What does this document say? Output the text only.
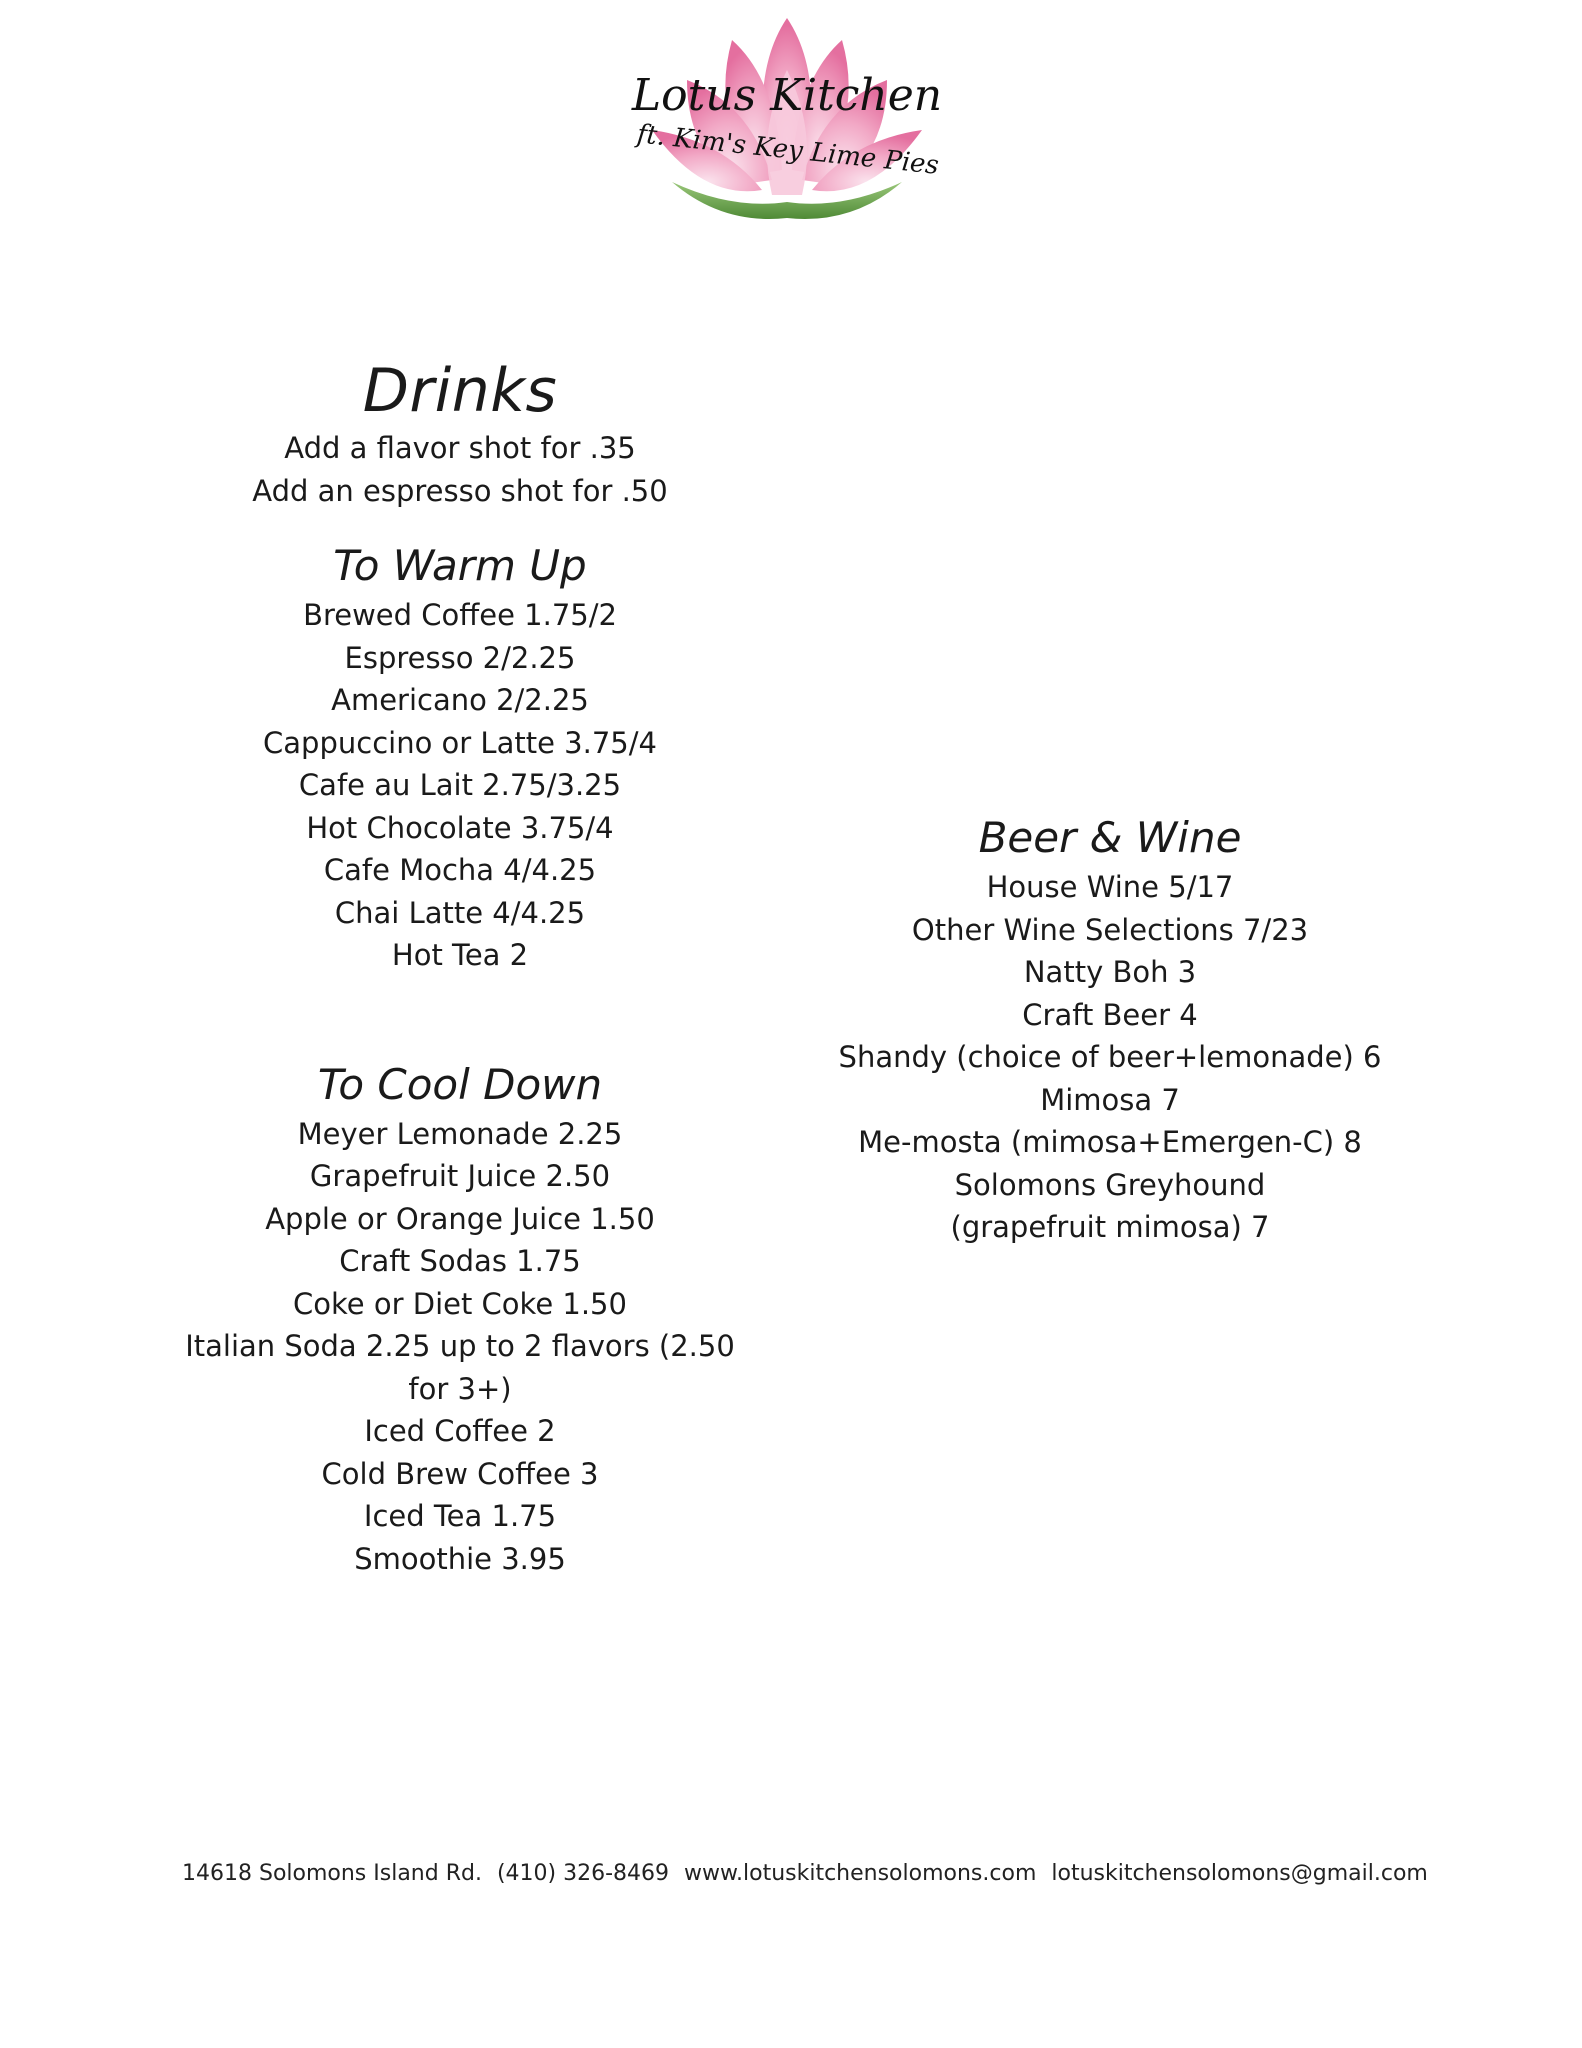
Lotus Kitchen
ft. Kim's Key Lime Pies
Drinks

Add a flavor shot for .35

Add an espresso shot for .50

To Warm Up

Brewed Coffee 1.75/2

Espresso 2/2.25

Americano 2/2.25

Cappuccino or Latte 3.75/4

Cafe au Lait 2.75/3.25

Hot Chocolate 3.75/4

Cafe Mocha 4/4.25

Chai Latte 4/4.25

Hot Tea 2

To Cool Down

Meyer Lemonade 2.25

Grapefruit Juice 2.50

Apple or Orange Juice 1.50

Craft Sodas 1.75

Coke or Diet Coke 1.50

Italian Soda 2.25 up to 2 flavors (2.50 for 3+)

Iced Coffee 2

Cold Brew Coffee 3

Iced Tea 1.75

Smoothie 3.95

Beer & Wine

House Wine 5/17

Other Wine Selections 7/23

Natty Boh 3

Craft Beer 4

Shandy (choice of beer+lemonade) 6

Mimosa 7

Me-mosta (mimosa+Emergen-C) 8

Solomons Greyhound

(grapefruit mimosa) 7

14618 Solomons Island Rd. (410) 326-8469 www.lotuskitchensolomons.com lotuskitchensolomons@gmail.com
